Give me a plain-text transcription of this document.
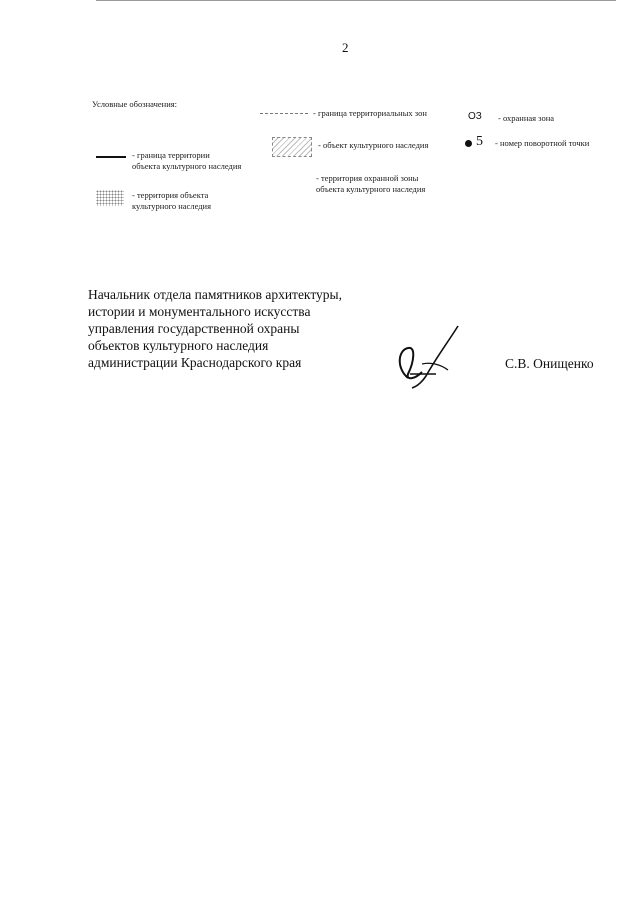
2
Условные обозначения:
- граница территории
объекта культурного наследия
- территория объекта
культурного наследия
- граница территориальных зон
- объект культурного наследия
- территория охранной зоны
объекта культурного наследия
ОЗ - охранная зона
5 - номер поворотной точки
Начальник отдела памятников архитектуры,
истории и монументального искусства
управления государственной охраны
объектов культурного наследия
администрации Краснодарского края	С.В. Онищенко
